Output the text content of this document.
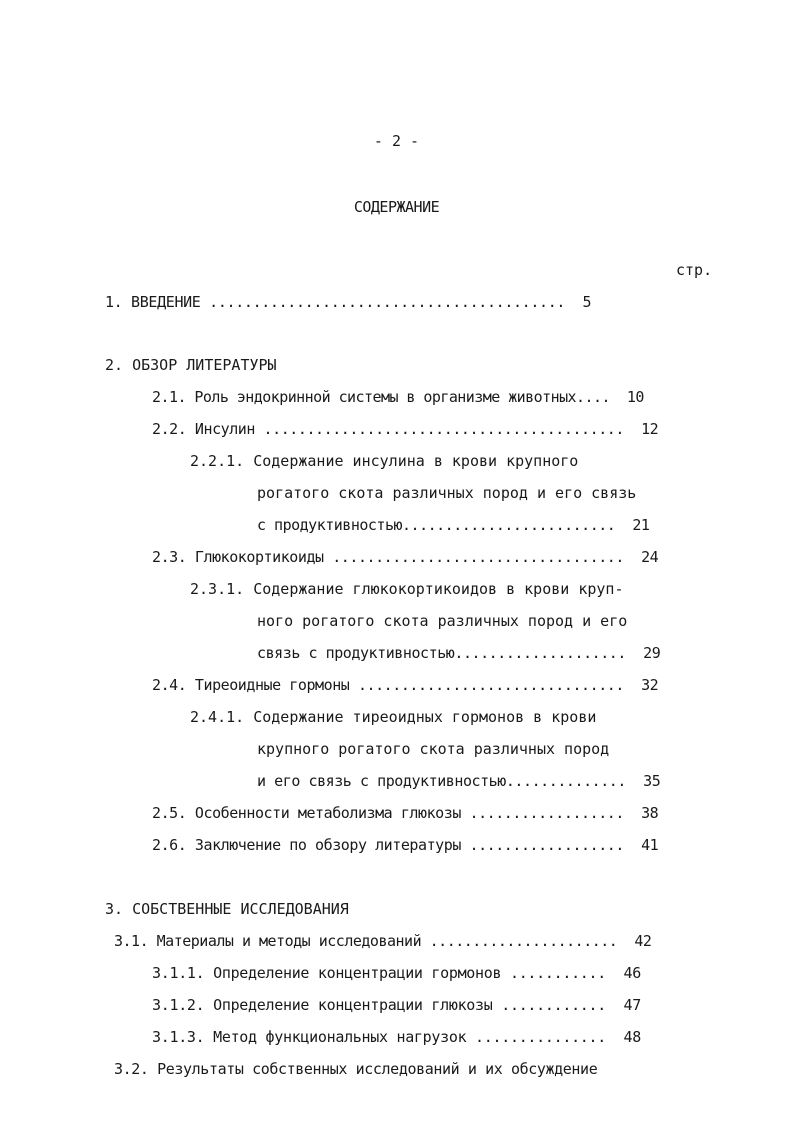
- 2 -
СОДЕРЖАНИЕ
стр.
1. ВВЕДЕНИЕ .........................................  5
2. ОБЗОР ЛИТЕРАТУРЫ
2.1. Роль эндокринной системы в организме животных....  10
2.2. Инсулин ..........................................  12
2.2.1. Содержание инсулина в крови крупного
рогатого скота различных пород и его связь
с продуктивностью.........................  21
2.3. Глюкокортикоиды ..................................  24
2.3.1. Содержание глюкокортикоидов в крови круп-
ного рогатого скота различных пород и его
связь с продуктивностью....................  29
2.4. Тиреоидные гормоны ...............................  32
2.4.1. Содержание тиреоидных гормонов в крови
крупного рогатого скота различных пород
и его связь с продуктивностью..............  35
2.5. Особенности метаболизма глюкозы ..................  38
2.6. Заключение по обзору литературы ..................  41
3. СОБСТВЕННЫЕ ИССЛЕДОВАНИЯ
3.1. Материалы и методы исследований ......................  42
3.1.1. Определение концентрации гормонов ...........  46
3.1.2. Определение концентрации глюкозы ............  47
3.1.3. Метод функциональных нагрузок ...............  48
3.2. Результаты собственных исследований и их обсуждение
